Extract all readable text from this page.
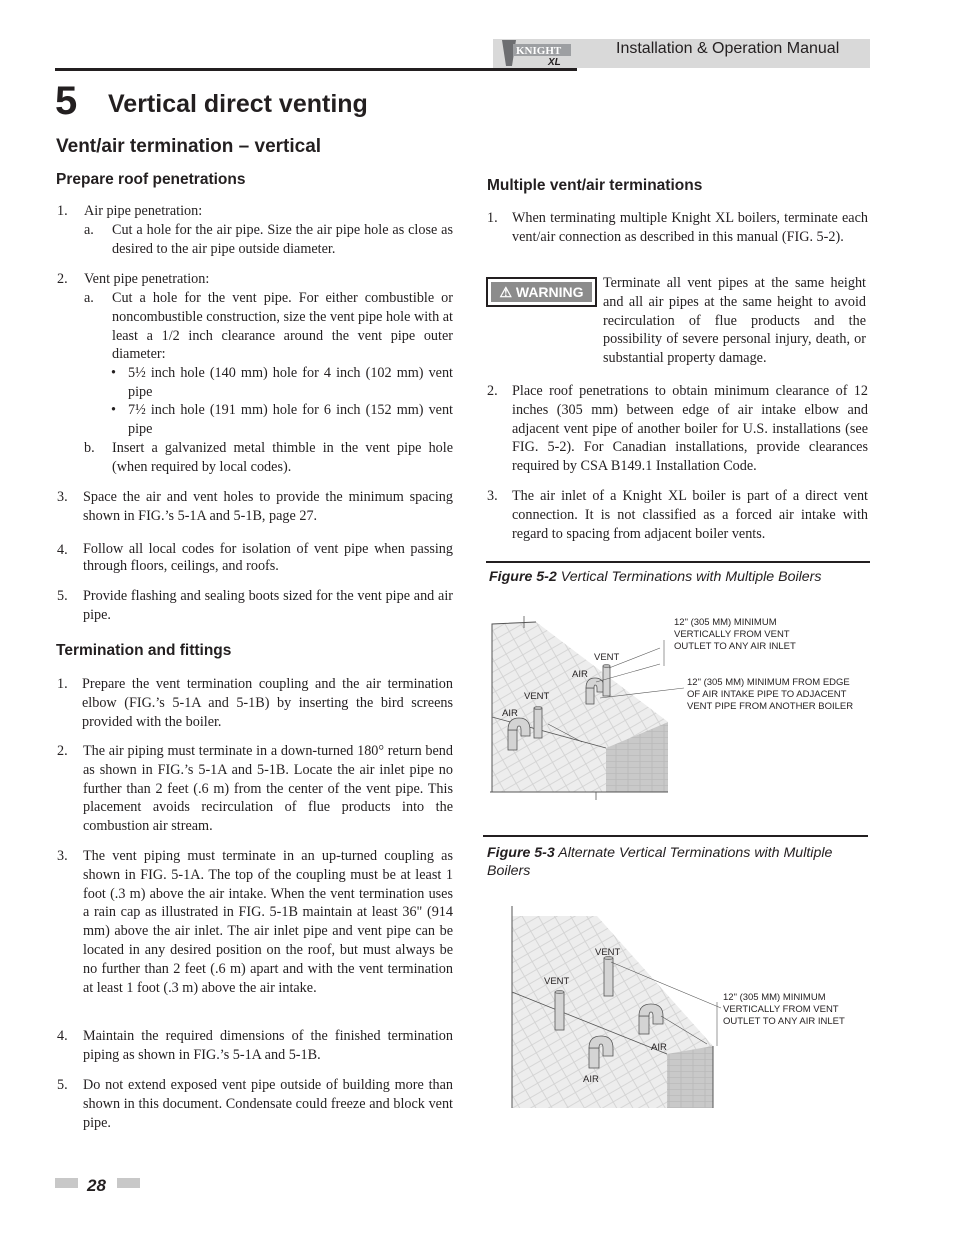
KNIGHT
XL
Installation & Operation Manual
5 Vertical direct venting
Vent/air termination – vertical
Prepare roof penetrations
1. Air pipe penetration:
a. Cut a hole for the air pipe. Size the air pipe hole as close as desired to the air pipe outside diameter.
2. Vent pipe penetration:
a. Cut a hole for the vent pipe. For either combustible or noncombustible construction, size the vent pipe hole with at least a 1/2 inch clearance around the vent pipe outer diameter:
• 5½ inch hole (140 mm) hole for 4 inch (102 mm) vent pipe
• 7½ inch hole (191 mm) hole for 6 inch (152 mm) vent pipe
b. Insert a galvanized metal thimble in the vent pipe hole (when required by local codes).
3. Space the air and vent holes to provide the minimum spacing shown in FIG.’s 5-1A and 5-1B, page 27.
4. Follow all local codes for isolation of vent pipe when passing through floors, ceilings, and roofs.
5. Provide flashing and sealing boots sized for the vent pipe and air pipe.
Termination and fittings
1. Prepare the vent termination coupling and the air termination elbow (FIG.’s 5-1A and 5-1B) by inserting the bird screens provided with the boiler.
2. The air piping must terminate in a down-turned 180° return bend as shown in FIG.’s 5-1A and 5-1B. Locate the air inlet pipe no further than 2 feet (.6 m) from the center of the vent pipe. This placement avoids recirculation of flue products into the combustion air stream.
3. The vent piping must terminate in an up-turned coupling as shown in FIG. 5-1A. The top of the coupling must be at least 1 foot (.3 m) above the air intake. When the vent termination uses a rain cap as illustrated in FIG. 5-1B maintain at least 36" (914 mm) above the air inlet. The air inlet pipe and vent pipe can be located in any desired position on the roof, but must always be no further than 2 feet (.6 m) apart and with the vent termination at least 1 foot (.3 m) above the air intake.
4. Maintain the required dimensions of the finished termination piping as shown in FIG.’s 5-1A and 5-1B.
5. Do not extend exposed vent pipe outside of building more than shown in this document. Condensate could freeze and block vent pipe.
Multiple vent/air terminations
1. When terminating multiple Knight XL boilers, terminate each vent/air connection as described in this manual (FIG. 5-2).
⚠ WARNING
Terminate all vent pipes at the same height and all air pipes at the same height to avoid recirculation of flue products and the possibility of severe personal injury, death, or substantial property damage.
2. Place roof penetrations to obtain minimum clearance of 12 inches (305 mm) between edge of air intake elbow and adjacent vent pipe of another boiler for U.S. installations (see FIG. 5-2). For Canadian installations, provide clearances required by CSA B149.1 Installation Code.
3. The air inlet of a Knight XL boiler is part of a direct vent connection. It is not classified as a forced air intake with regard to spacing from adjacent boiler vents.
Figure 5-2 Vertical Terminations with Multiple Boilers
VENT
AIR
VENT
AIR
12" (305 MM) MINIMUM
VERTICALLY FROM VENT
OUTLET TO ANY AIR INLET
12" (305 MM) MINIMUM FROM EDGE
OF AIR INTAKE PIPE TO ADJACENT
VENT PIPE FROM ANOTHER BOILER
Figure 5-3 Alternate Vertical Terminations with Multiple Boilers
VENT
VENT
AIR
AIR
12" (305 MM) MINIMUM
VERTICALLY FROM VENT
OUTLET TO ANY AIR INLET
28
